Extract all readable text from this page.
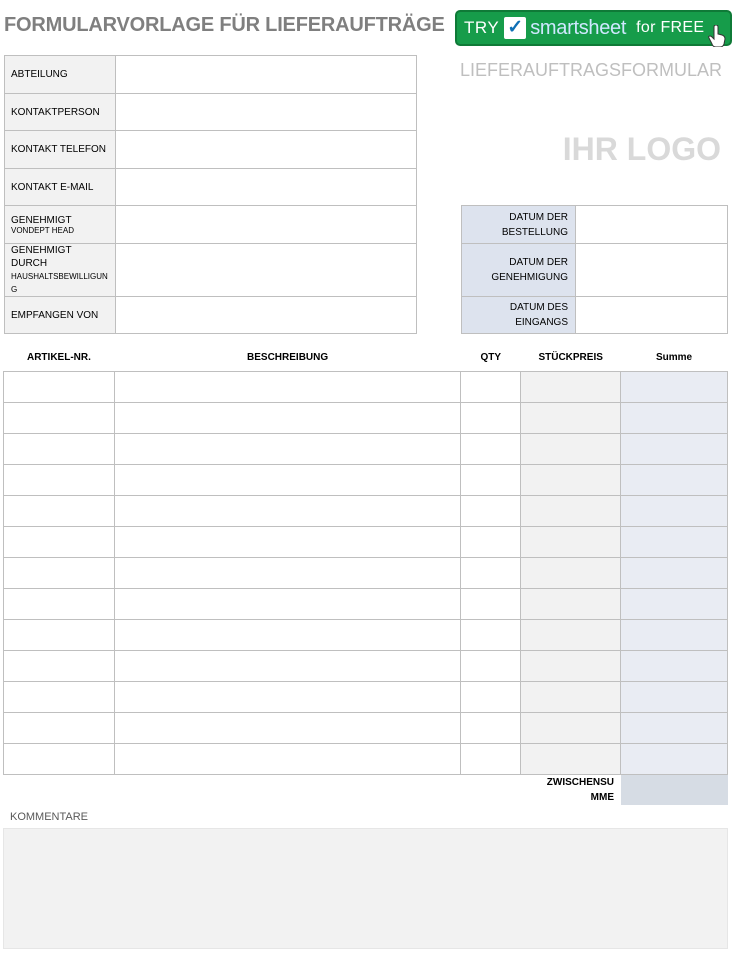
FORMULARVORLAGE FÜR LIEFERAUFTRÄGE TRY ✓ smartsheet for FREE
LIEFERAUFTRAGSFORMULAR
IHR LOGO
ABTEILUNG	
KONTAKTPERSON	
KONTAKT TELEFON	
KONTAKT E-MAIL	
GENEHMIGT
VONDEPT HEAD	

GENEHMIGT DURCH
HAUSHALTSBEWILLIGUNG	

EMPFANGEN VON	
DATUM DER BESTELLUNG	
DATUM DER GENEHMIGUNG	
DATUM DES EINGANGS	
ARTIKEL-NR.	BESCHREIBUNG	QTY	STÜCKPREIS	Summe

ZWISCHENSU MME
KOMMENTARE
